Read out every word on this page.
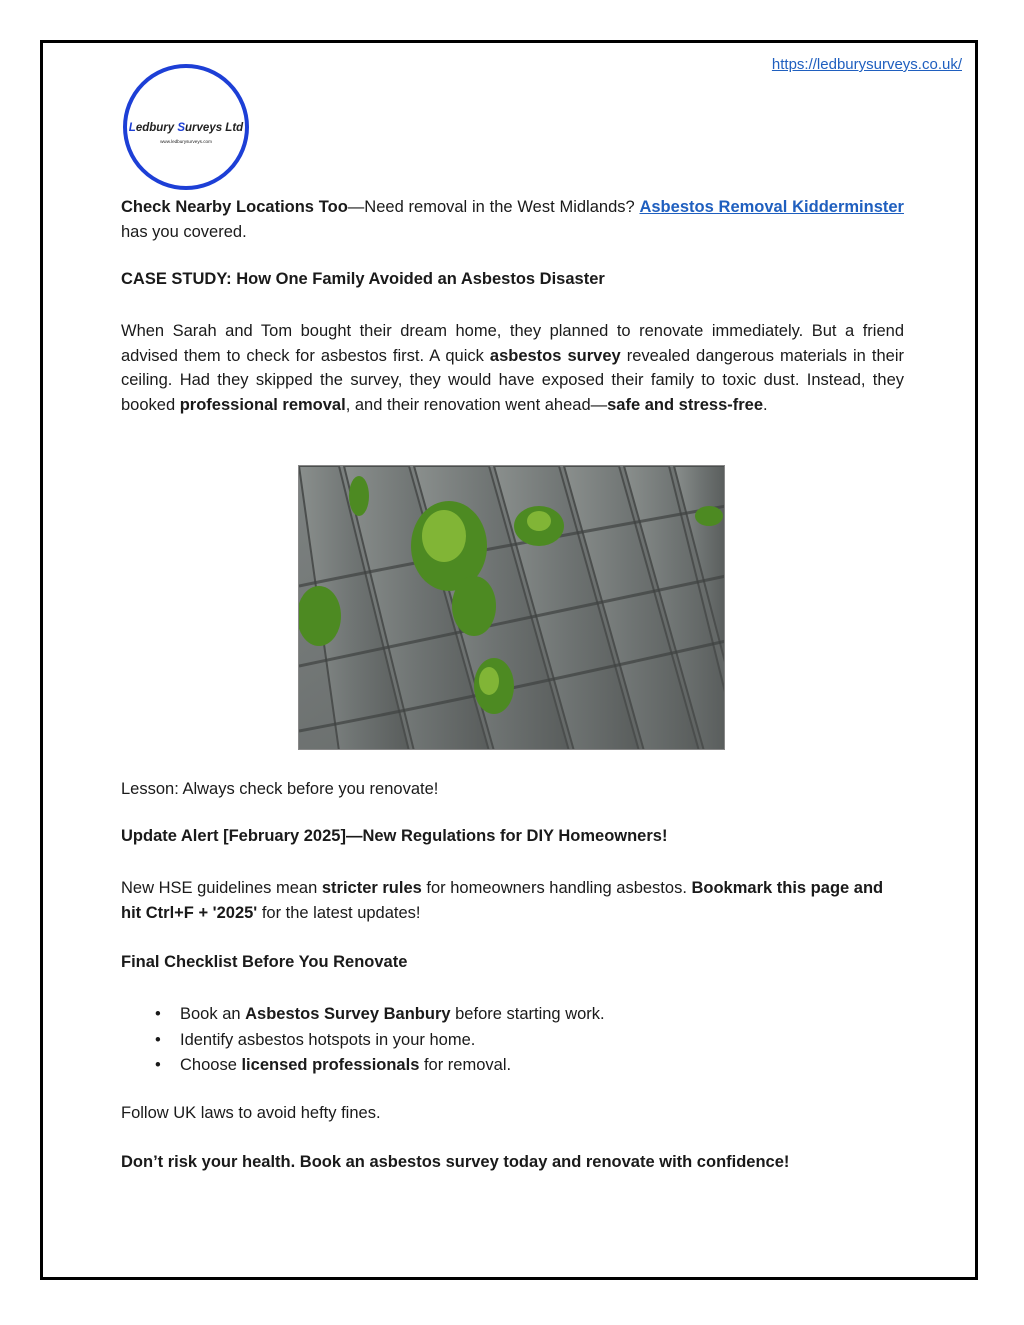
https://ledburysurveys.co.uk/
Ledbury Surveys Ltd
www.ledburysurveys.com
Check Nearby Locations Too—Need removal in the West Midlands? Asbestos Removal Kidderminster has you covered.
CASE STUDY: How One Family Avoided an Asbestos Disaster
When Sarah and Tom bought their dream home, they planned to renovate immediately. But a friend advised them to check for asbestos first. A quick asbestos survey revealed dangerous materials in their ceiling. Had they skipped the survey, they would have exposed their family to toxic dust. Instead, they booked professional removal, and their renovation went ahead—safe and stress-free.
Lesson: Always check before you renovate!
Update Alert [February 2025]—New Regulations for DIY Homeowners!
New HSE guidelines mean stricter rules for homeowners handling asbestos. Bookmark this page and hit Ctrl+F + '2025' for the latest updates!
Final Checklist Before You Renovate
• Book an Asbestos Survey Banbury before starting work.
• Identify asbestos hotspots in your home.
• Choose licensed professionals for removal.
Follow UK laws to avoid hefty fines.
Don’t risk your health. Book an asbestos survey today and renovate with confidence!
